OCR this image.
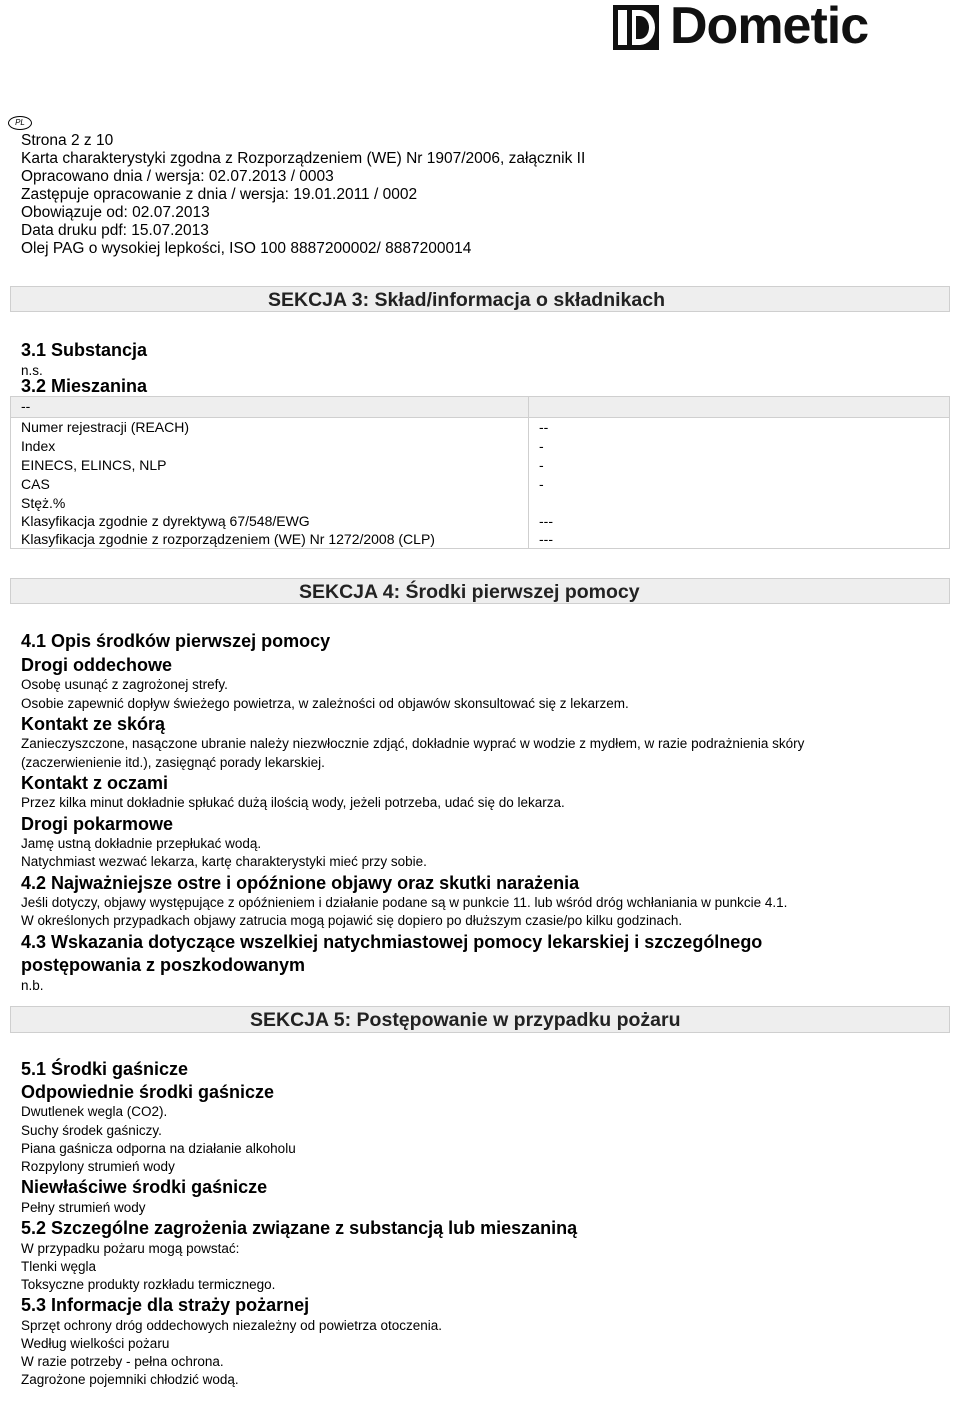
Dometic
PL
Strona 2 z 10
Karta charakterystyki zgodna z Rozporządzeniem (WE) Nr 1907/2006, załącznik II
Opracowano dnia / wersja: 02.07.2013 / 0003
Zastępuje opracowanie z dnia / wersja: 19.01.2011 / 0002
Obowiązuje od: 02.07.2013
Data druku pdf: 15.07.2013
Olej PAG o wysokiej lepkości, ISO 100 8887200002/ 8887200014
SEKCJA 3: Skład/informacja o składnikach
3.1 Substancja
n.s.
3.2 Mieszanina
--
Numer rejestracji (REACH)	--
Index	-
EINECS, ELINCS, NLP	-
CAS	-
Stęż.%
Klasyfikacja zgodnie z dyrektywą 67/548/EWG	---
Klasyfikacja zgodnie z rozporządzeniem (WE) Nr 1272/2008 (CLP)	---
SEKCJA 4: Środki pierwszej pomocy
4.1 Opis środków pierwszej pomocy
Drogi oddechowe
Osobę usunąć z zagrożonej strefy.
Osobie zapewnić dopływ świeżego powietrza, w zależności od objawów skonsultować się z lekarzem.
Kontakt ze skórą
Zanieczyszczone, nasączone ubranie należy niezwłocznie zdjąć, dokładnie wyprać w wodzie z mydłem, w razie podrażnienia skóry
(zaczerwienienie itd.), zasięgnąć porady lekarskiej.
Kontakt z oczami
Przez kilka minut dokładnie spłukać dużą ilością wody, jeżeli potrzeba, udać się do lekarza.
Drogi pokarmowe
Jamę ustną dokładnie przepłukać wodą.
Natychmiast wezwać lekarza, kartę charakterystyki mieć przy sobie.
4.2 Najważniejsze ostre i opóźnione objawy oraz skutki narażenia
Jeśli dotyczy, objawy występujące z opóźnieniem i działanie podane są w punkcie 11. lub wśród dróg wchłaniania w punkcie 4.1.
W określonych przypadkach objawy zatrucia mogą pojawić się dopiero po dłuższym czasie/po kilku godzinach.
4.3 Wskazania dotyczące wszelkiej natychmiastowej pomocy lekarskiej i szczególnego
postępowania z poszkodowanym
n.b.
SEKCJA 5: Postępowanie w przypadku pożaru
5.1 Środki gaśnicze
Odpowiednie środki gaśnicze
Dwutlenek wegla (CO2).
Suchy środek gaśniczy.
Piana gaśnicza odporna na działanie alkoholu
Rozpylony strumień wody
Niewłaściwe środki gaśnicze
Pełny strumień wody
5.2 Szczególne zagrożenia związane z substancją lub mieszaniną
W przypadku pożaru mogą powstać:
Tlenki węgla
Toksyczne produkty rozkładu termicznego.
5.3 Informacje dla straży pożarnej
Sprzęt ochrony dróg oddechowych niezależny od powietrza otoczenia.
Według wielkości pożaru
W razie potrzeby - pełna ochrona.
Zagrożone pojemniki chłodzić wodą.
